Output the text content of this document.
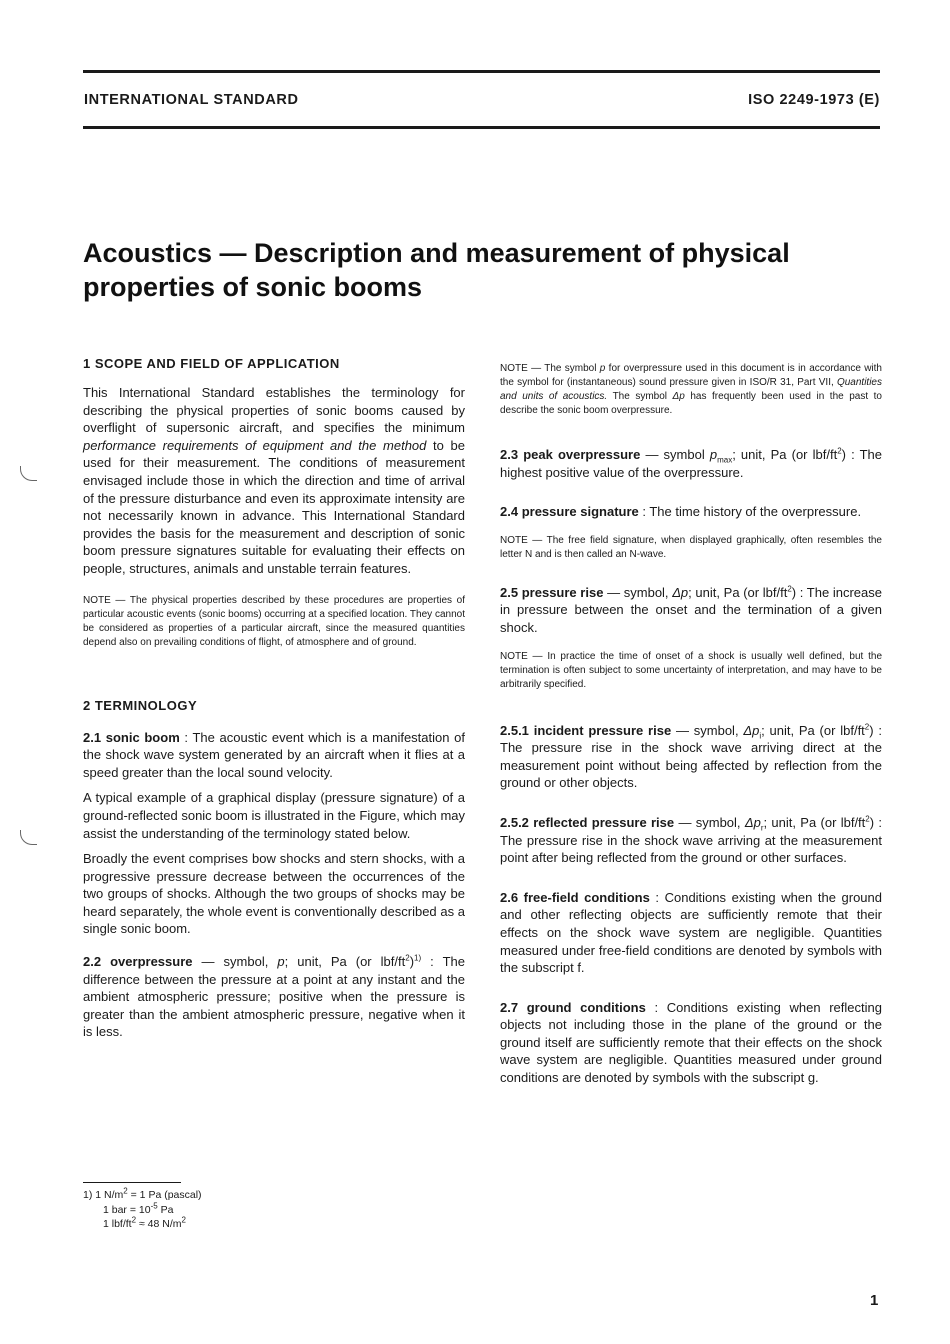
INTERNATIONAL STANDARD	ISO 2249-1973 (E)
Acoustics — Description and measurement of physical properties of sonic booms
1 SCOPE AND FIELD OF APPLICATION

This International Standard establishes the terminology for describing the physical properties of sonic booms caused by overflight of supersonic aircraft, and specifies the minimum performance requirements of equipment and the method to be used for their measurement. The conditions of measurement envisaged include those in which the direction and time of arrival of the pressure disturbance and even its approximate intensity are not necessarily known in advance. This International Standard provides the basis for the measurement and description of sonic boom pressure signatures suitable for evaluating their effects on people, structures, animals and unstable terrain features.

NOTE — The physical properties described by these procedures are properties of particular acoustic events (sonic booms) occurring at a specified location. They cannot be considered as properties of a particular aircraft, since the measured quantities depend also on prevailing conditions of flight, of atmosphere and of ground.

2 TERMINOLOGY

2.1 sonic boom : The acoustic event which is a manifestation of the shock wave system generated by an aircraft when it flies at a speed greater than the local sound velocity.

A typical example of a graphical display (pressure signature) of a ground-reflected sonic boom is illustrated in the Figure, which may assist the understanding of the terminology stated below.

Broadly the event comprises bow shocks and stern shocks, with a progressive pressure decrease between the occurrences of the two groups of shocks. Although the two groups of shocks may be heard separately, the whole event is conventionally described as a single sonic boom.

2.2 overpressure — symbol, p; unit, Pa (or lbf/$ft^2)^{1)}$ : The difference between the pressure at a point at any instant and the ambient atmospheric pressure; positive when the pressure is greater than the ambient atmospheric pressure, negative when it is less.

NOTE — The symbol p for overpressure used in this document is in accordance with the symbol for (instantaneous) sound pressure given in ISO/R 31, Part VII, Quantities and units of acoustics. The symbol Δp has frequently been used in the past to describe the sonic boom overpressure.

2.3 peak overpressure — symbol $p_{max}$; unit, Pa (or lbf/$ft^2$) : The highest positive value of the overpressure.

2.4 pressure signature : The time history of the overpressure.

NOTE — The free field signature, when displayed graphically, often resembles the letter N and is then called an N-wave.

2.5 pressure rise — symbol, Δp; unit, Pa (or lbf/$ft^2$) : The increase in pressure between the onset and the termination of a given shock.

NOTE — In practice the time of onset of a shock is usually well defined, but the termination is often subject to some uncertainty of interpretation, and may have to be arbitrarily specified.

2.5.1 incident pressure rise — symbol, $\Delta p_i$; unit, Pa (or lbf/$ft^2$) : The pressure rise in the shock wave arriving direct at the measurement point without being affected by reflection from the ground or other objects.

2.5.2 reflected pressure rise — symbol, $\Delta p_r$; unit, Pa (or lbf/$ft^2$) : The pressure rise in the shock wave arriving at the measurement point after being reflected from the ground or other surfaces.

2.6 free-field conditions : Conditions existing when the ground and other reflecting objects are sufficiently remote that their effects on the shock wave system are negligible. Quantities measured under free-field conditions are denoted by symbols with the subscript f.

2.7 ground conditions : Conditions existing when reflecting objects not including those in the plane of the ground or the ground itself are sufficiently remote that their effects on the shock wave system are negligible. Quantities measured under ground conditions are denoted by symbols with the subscript g.

1) 1 $N/m^2 = 1$ Pa (pascal)
1 bar = $10^{-5}$ Pa
1 lbf/$ft^2 \approx 48$ $N/m^2$
1
